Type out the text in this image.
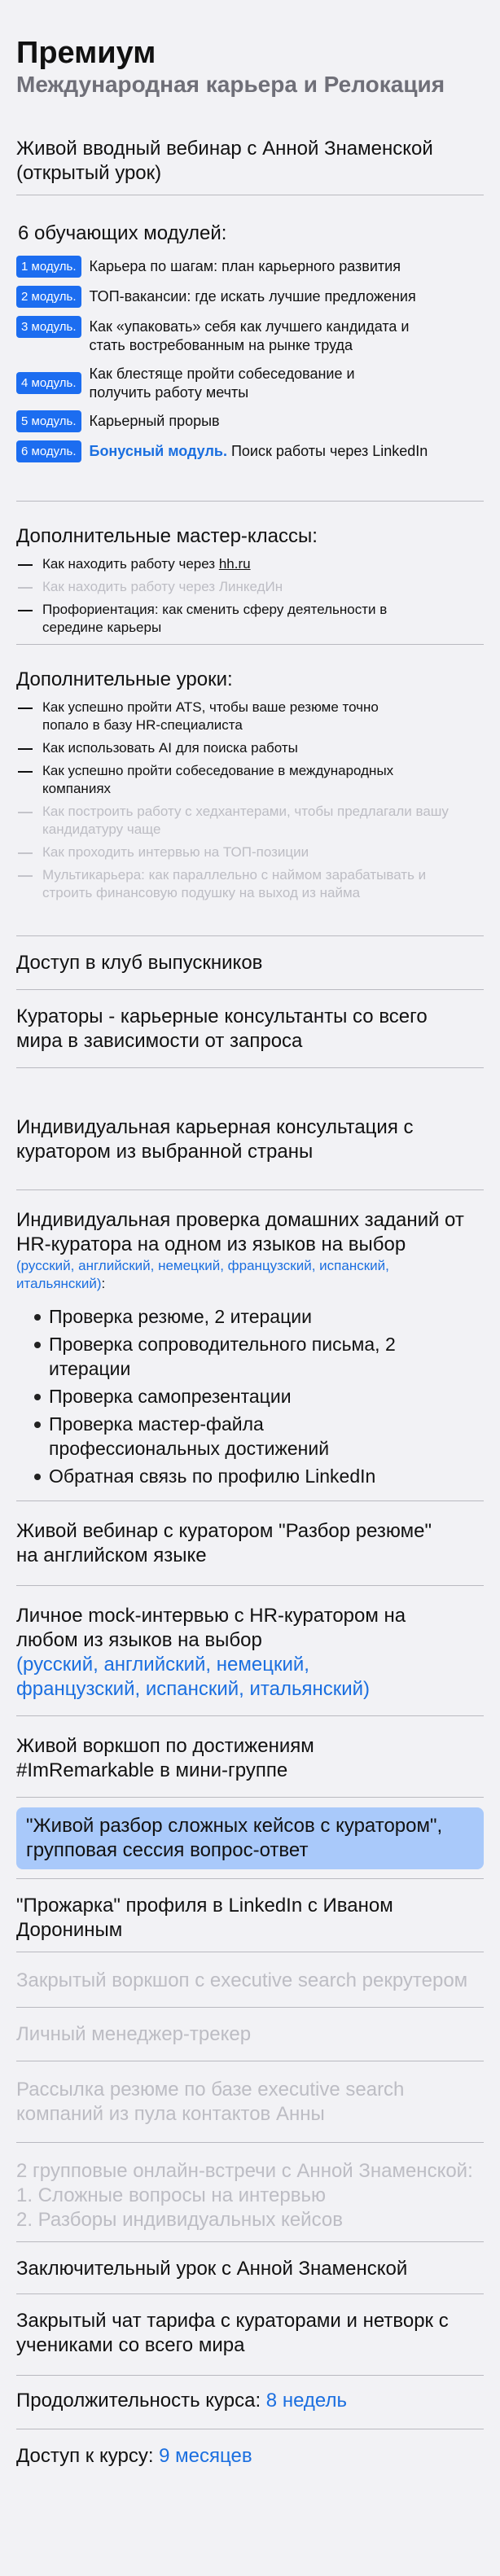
Премиум
Международная карьера и Релокация

Живой вводный вебинар с Анной Знаменской (открытый урок)

6 обучающих модулей:

1 модуль. Карьера по шагам: план карьерного развития
2 модуль. ТОП-вакансии: где искать лучшие предложения
3 модуль. Как «упаковать» себя как лучшего кандидата и стать востребованным на рынке труда
4 модуль.
Как блестяще пройти собеседование и получить работу мечты
5 модуль. Карьерный прорыв
6 модуль. Бонусный модуль. Поиск работы через LinkedIn

Дополнительные мастер-классы:

Как находить работу через hh.ru
Как находить работу через ЛинкедИн
Профориентация: как сменить сферу деятельности в середине карьеры

Дополнительные уроки:

Как успешно пройти ATS, чтобы ваше резюме точно попало в базу HR-специалиста
Как использовать AI для поиска работы
Как успешно пройти собеседование в международных компаниях
Как построить работу с хедхантерами, чтобы предлагали вашу кандидатуру чаще
Как проходить интервью на ТОП-позиции
Мультикарьера: как параллельно с наймом зарабатывать и строить финансовую подушку на выход из найма

Доступ в клуб выпускников

Кураторы - карьерные консультанты со всего мира в зависимости от запроса

Индивидуальная карьерная консультация с куратором из выбранной страны

Индивидуальная проверка домашних заданий от HR-куратора на одном из языков на выбор

(русский, английский, немецкий, французский, испанский, итальянский):
Проверка резюме, 2 итерации
Проверка сопроводительного письма, 2 итерации
Проверка самопрезентации
Проверка мастер-файла профессиональных достижений
Обратная связь по профилю LinkedIn

Живой вебинар с куратором "Разбор резюме" на английском языке

Личное mock-интервью с HR-куратором на любом из языков на выбор

(русский, английский, немецкий, французский, испанский, итальянский)

Живой воркшоп по достижениям #ImRemarkable в мини-группе

"Живой разбор сложных кейсов с куратором", групповая сессия вопрос-ответ

"Прожарка" профиля в LinkedIn с Иваном Дорониным

Закрытый воркшоп с executive search рекрутером

Личный менеджер-трекер

Рассылка резюме по базе executive search компаний из пула контактов Анны

2 групповые онлайн-встречи с Анной Знаменской:

1. Сложные вопросы на интервью

2. Разборы индивидуальных кейсов

Заключительный урок с Анной Знаменской

Закрытый чат тарифа с кураторами и нетворк с учениками со всего мира

Продолжительность курса: 8 недель

Доступ к курсу: 9 месяцев
